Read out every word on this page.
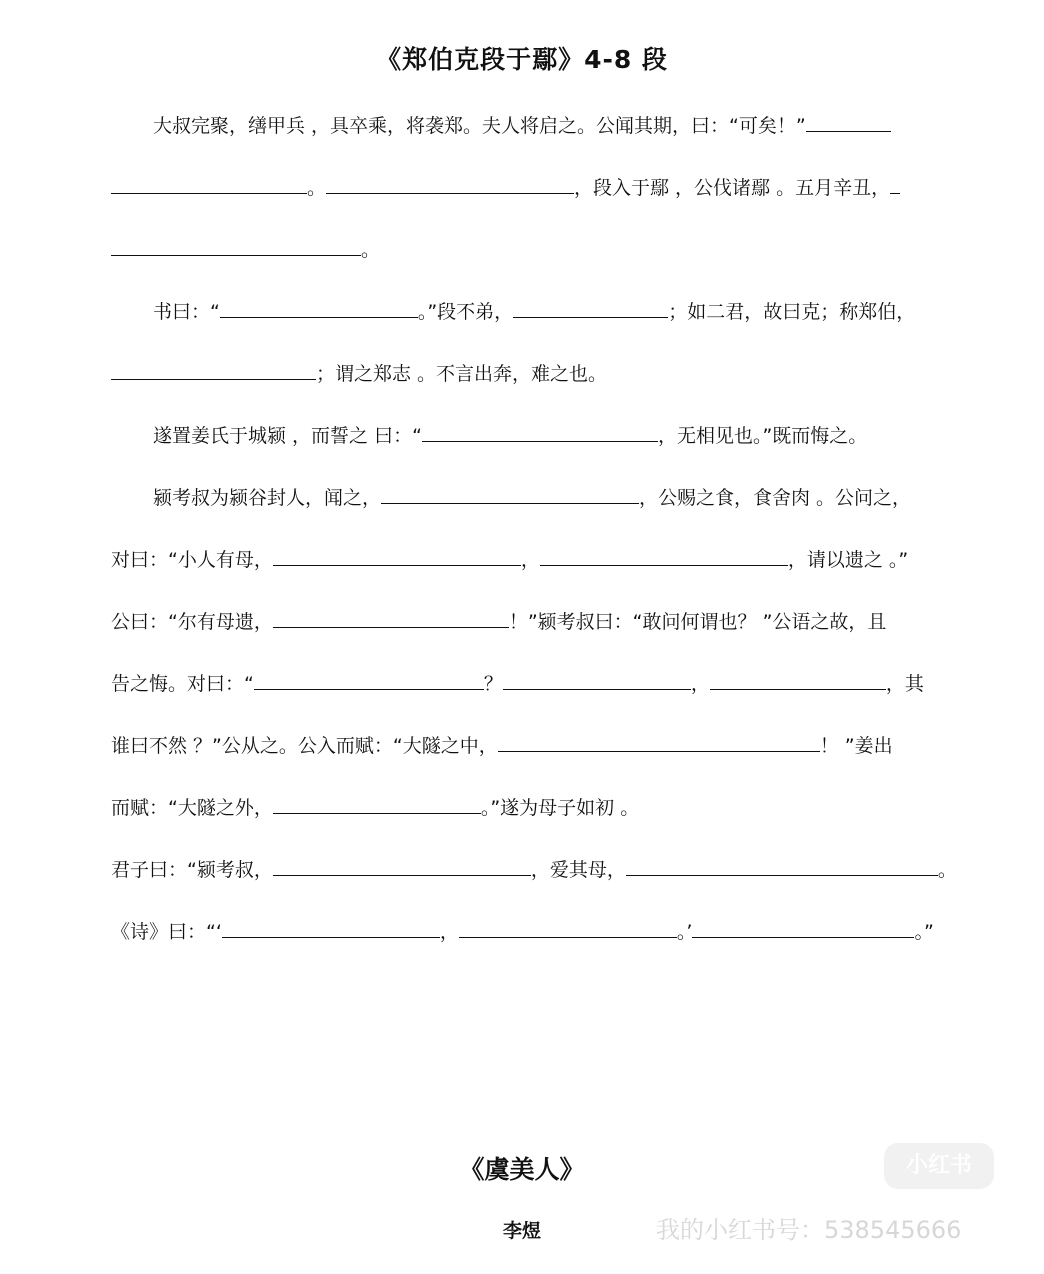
《郑伯克段于鄢》4-8 段
大叔完聚，缮甲兵 ，具卒乘，将袭郑。夫人将启之。公闻其期，曰：“可矣！”
。	，段入于鄢 ，公伐诸鄢 。五月辛丑，
。
书曰：“	。”段不弟，	；如二君，故曰克；称郑伯，
；谓之郑志 。不言出奔，难之也。
遂置姜氏于城颍 ，而誓之 曰：“	，无相见也。”既而悔之。
颍考叔为颍谷封人，闻之，	，公赐之食，食舍肉 。公问之，
对曰：“小人有母，	，	，请以遗之 。”
公曰：“尔有母遗，	！”颍考叔曰：“敢问何谓也？ ”公语之故，且
告之悔。对曰：“	？	，	，其
谁曰不然 ？”公从之。公入而赋：“大隧之中，	！ ”姜出
而赋：“大隧之外，	。”遂为母子如初 。
君子曰：“颍考叔，	，爱其母，	。
《诗》曰：“‘	，	。’	。”
《虞美人》
李煜
小红书
我的小红书号：538545666
